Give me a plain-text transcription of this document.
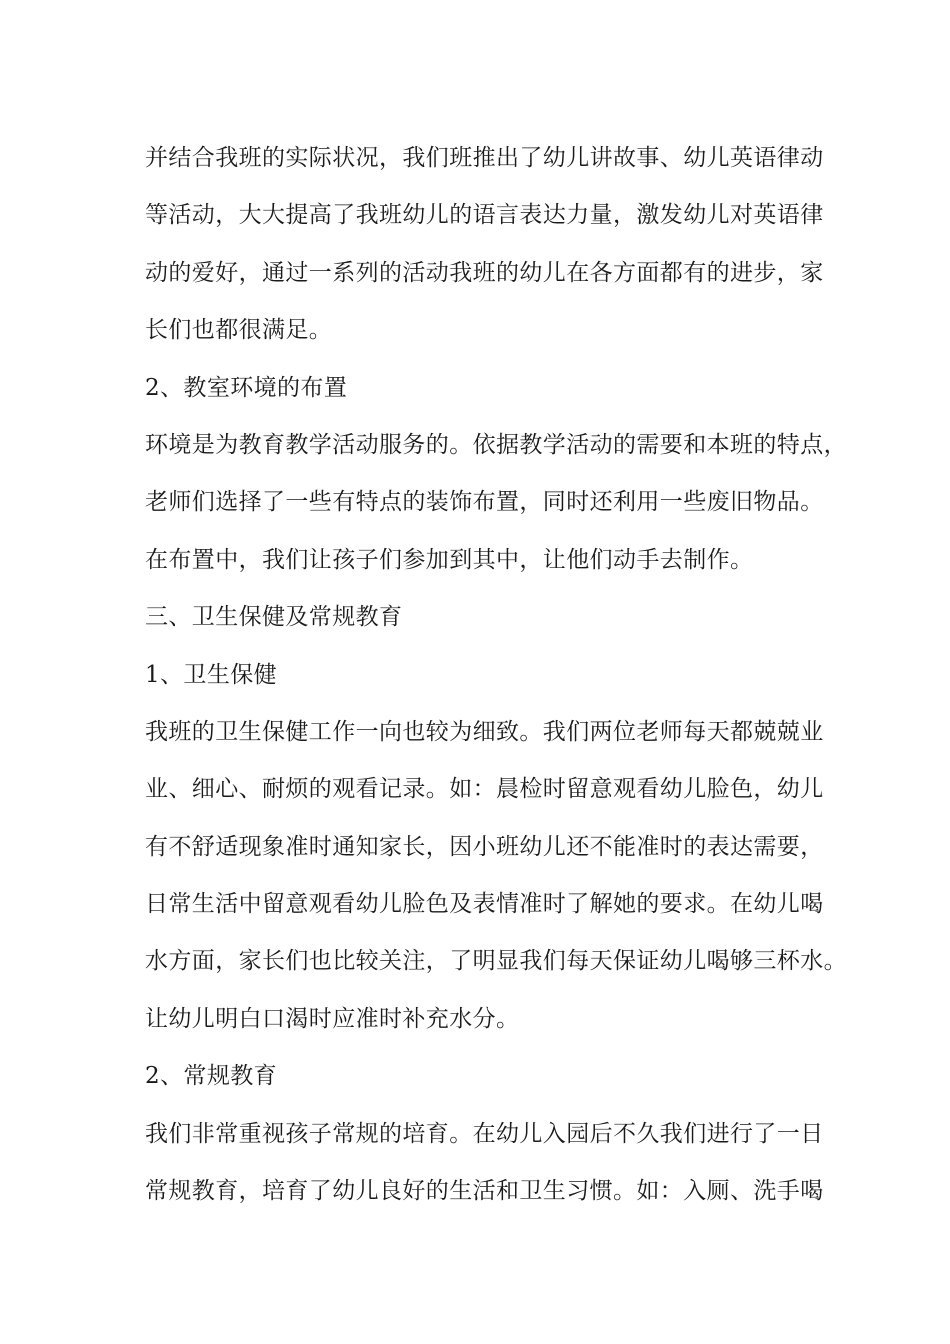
并结合我班的实际状况，我们班推出了幼儿讲故事、幼儿英语律动
等活动，大大提高了我班幼儿的语言表达力量，激发幼儿对英语律
动的爱好，通过一系列的活动我班的幼儿在各方面都有的进步，家
长们也都很满足。
2、教室环境的布置
环境是为教育教学活动服务的。依据教学活动的需要和本班的特点，
老师们选择了一些有特点的装饰布置，同时还利用一些废旧物品。
在布置中，我们让孩子们参加到其中，让他们动手去制作。
三、卫生保健及常规教育
1、卫生保健
我班的卫生保健工作一向也较为细致。我们两位老师每天都兢兢业
业、细心、耐烦的观看记录。如：晨检时留意观看幼儿脸色，幼儿
有不舒适现象准时通知家长，因小班幼儿还不能准时的表达需要，
日常生活中留意观看幼儿脸色及表情准时了解她的要求。在幼儿喝
水方面，家长们也比较关注，了明显我们每天保证幼儿喝够三杯水。
让幼儿明白口渴时应准时补充水分。
2、常规教育
我们非常重视孩子常规的培育。在幼儿入园后不久我们进行了一日
常规教育，培育了幼儿良好的生活和卫生习惯。如：入厕、洗手喝
